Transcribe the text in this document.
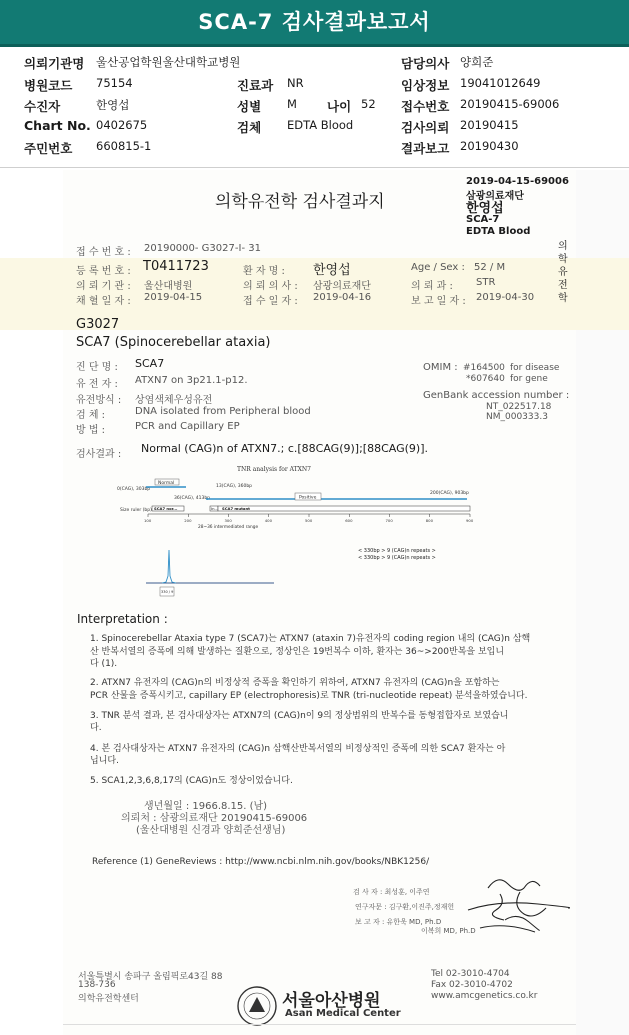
SCA-7 검사결과보고서
의뢰기관명 울산공업학원울산대학교병원	담당의사 양희준
병원코드 75154	진료과 NR	임상정보 19041012649
수진자	한영섭	성별 M 나이 52 접수번호 20190415-69006
Chart No. 0402675	검체 EDTA Blood	검사의뢰 20190415
주민번호 660815-1	결과보고 20190430
2019-04-15-69006
삼광의료재단
한영섭
SCA-7
EDTA Blood
의학유전학 검사결과지
의학유전학
접 수 번 호 : 20190000- G3027-I- 31
등 록 번 호 : T0411723	환 자 명 : 한영섭	Age / Sex : 52 / M
의 뢰 기 관 : 울산대병원	의 뢰 의 사 : 삼광의료재단	의 뢰 과 : STR
채 혈 일 자 : 2019-04-15	접 수 일 자 : 2019-04-16	보 고 일 자 : 2019-04-30
G3027
SCA7 (Spinocerebellar ataxia)
진 단 명 : SCA7
유 전 자 : ATXN7 on 3p21.1-p12.
유전방식 : 상염색체우성유전
검 체 :	DNA isolated from Peripheral blood
방 법 :	PCR and Capillary EP
OMIM : #164500 for disease
*607640 for gene
GenBank accession number :
NT_022517.18
NM_000333.3
검사결과 : Normal (CAG)n of ATXN7.; c.[88CAG(9)];[88CAG(9)].
TNR analysis for ATXN7
0(CAG), 303bp
Normal
13(CAG), 360bp
36(CAG), 413bp	Positive
200(CAG), 903bp
Size ruler (bp) SCA7 nor...	In... SCA7 mutant
100	200	300	400	500	600	700	800	900
28~36 intermediated range
< 330bp > 9 (CAG)n repeats >
< 330bp > 9 (CAG)n repeats >
330 / 9
Interpretation :
1. Spinocerebellar Ataxia type 7 (SCA7)는 ATXN7 (ataxin 7)유전자의 coding region 내의 (CAG)n 삼핵
산 반복서열의 증폭에 의해 발생하는 질환으로, 정상인은 19번복수 이하, 환자는 36~>200반복을 보입니
다 (1).
2. ATXN7 유전자의 (CAG)n의 비정상적 증폭을 확인하기 위하여, ATXN7 유전자의 (CAG)n을 포함하는
PCR 산물을 증폭시키고, capillary EP (electrophoresis)로 TNR (tri-nucleotide repeat) 분석을하였습니다.
3. TNR 분석 결과, 본 검사대상자는 ATXN7의 (CAG)n이 9의 정상범위의 반복수를 동형접합자로 보였습니
다.
4. 본 검사대상자는 ATXN7 유전자의 (CAG)n 삼핵산반복서열의 비정상적인 증폭에 의한 SCA7 환자는 아
닙니다.
5. SCA1,2,3,6,8,17의 (CAG)n도 정상이었습니다.
생년월일 : 1966.8.15. (남)
의뢰처 : 삼광의료재단 20190415-69006
(울산대병원 신경과 양희준선생님)
Reference (1) GeneReviews : http://www.ncbi.nlm.nih.gov/books/NBK1256/
검 사 자 : 최성훈, 이주연
연구자문 : 김구환,이진주,정재헌
보 고 자 : 유한욱 MD, Ph.D
이복희 MD, Ph.D
서울특별시 송파구 올림픽로43길 88
138-736
의학유전학센터	서울아산병원
Asan Medical Center
Tel 02-3010-4704
Fax 02-3010-4702
www.amcgenetics.co.kr
